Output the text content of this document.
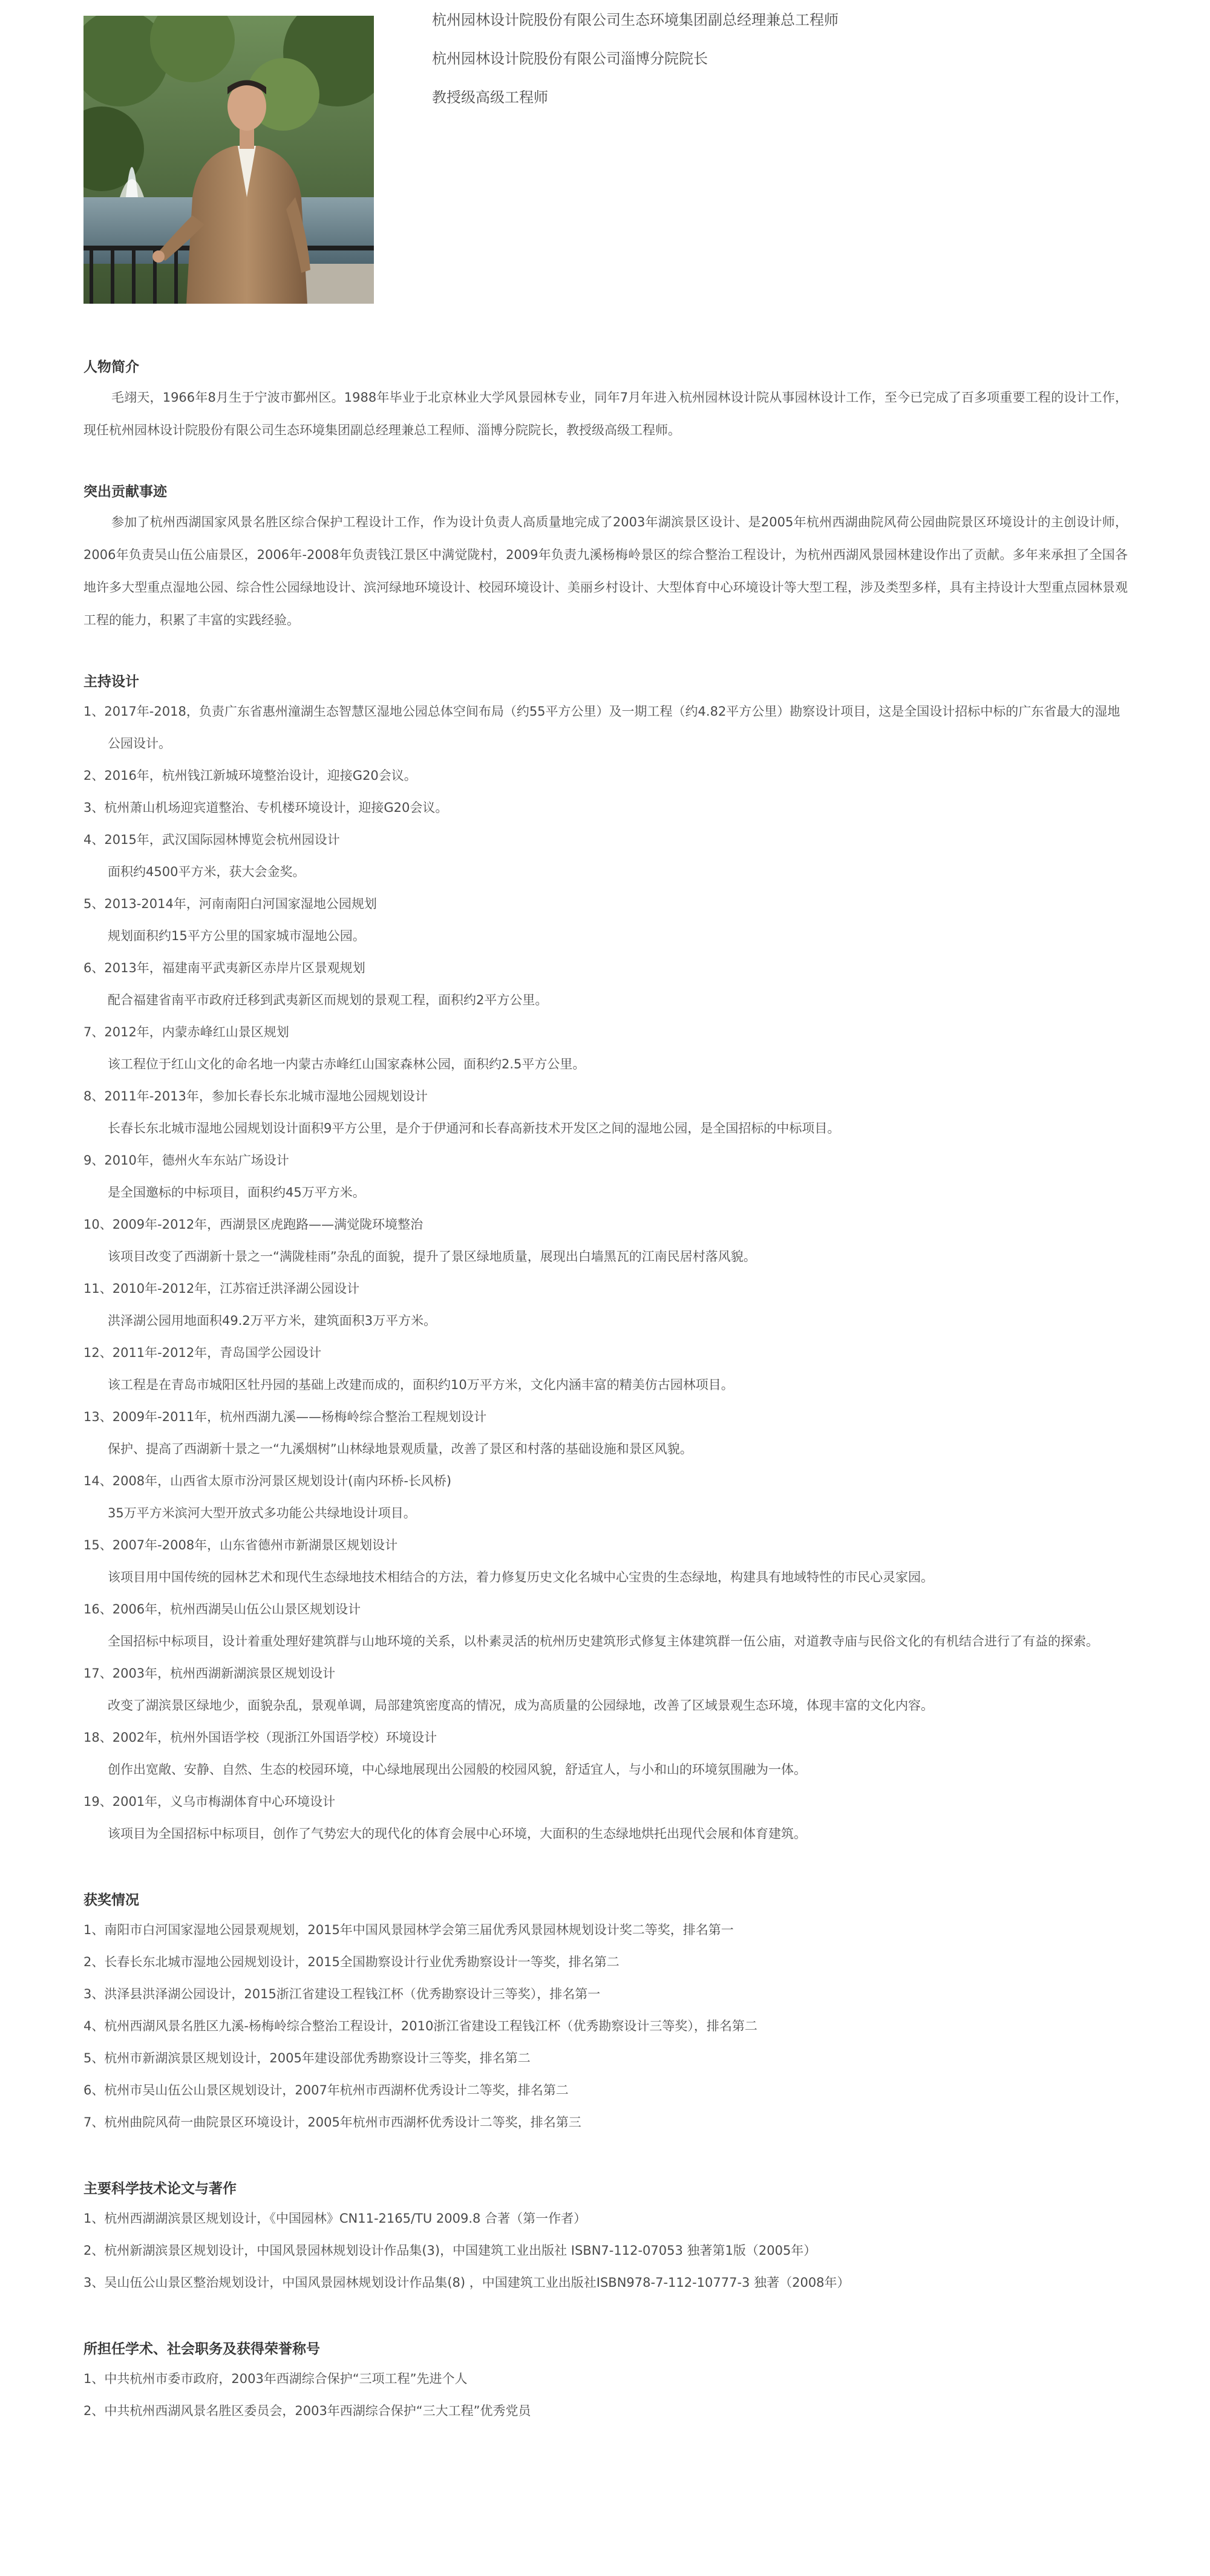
杭州园林设计院股份有限公司生态环境集团副总经理兼总工程师
杭州园林设计院股份有限公司淄博分院院长
教授级高级工程师
人物简介

毛翊天，1966年8月生于宁波市鄞州区。1988年毕业于北京林业大学风景园林专业，同年7月年进入杭州园林设计院从事园林设计工作，至今已完成了百多项重要工程的设计工作，现任杭州园林设计院股份有限公司生态环境集团副总经理兼总工程师、淄博分院院长，教授级高级工程师。

突出贡献事迹

参加了杭州西湖国家风景名胜区综合保护工程设计工作，作为设计负责人高质量地完成了2003年湖滨景区设计、是2005年杭州西湖曲院风荷公园曲院景区环境设计的主创设计师，2006年负责吴山伍公庙景区，2006年-2008年负责钱江景区中满觉陇村，2009年负责九溪杨梅岭景区的综合整治工程设计，为杭州西湖风景园林建设作出了贡献。多年来承担了全国各地许多大型重点湿地公园、综合性公园绿地设计、滨河绿地环境设计、校园环境设计、美丽乡村设计、大型体育中心环境设计等大型工程，涉及类型多样，具有主持设计大型重点园林景观工程的能力，积累了丰富的实践经验。

主持设计

1、2017年-2018，负责广东省惠州潼湖生态智慧区湿地公园总体空间布局（约55平方公里）及一期工程（约4.82平方公里）勘察设计项目，这是全国设计招标中标的广东省最大的湿地公园设计。

2、2016年，杭州钱江新城环境整治设计，迎接G20会议。

3、杭州萧山机场迎宾道整治、专机楼环境设计，迎接G20会议。

4、2015年，武汉国际园林博览会杭州园设计

面积约4500平方米，获大会金奖。

5、2013-2014年，河南南阳白河国家湿地公园规划

规划面积约15平方公里的国家城市湿地公园。

6、2013年，福建南平武夷新区赤岸片区景观规划

配合福建省南平市政府迁移到武夷新区而规划的景观工程，面积约2平方公里。

7、2012年，内蒙赤峰红山景区规划

该工程位于红山文化的命名地一内蒙古赤峰红山国家森林公园，面积约2.5平方公里。

8、2011年-2013年，参加长春长东北城市湿地公园规划设计

长春长东北城市湿地公园规划设计面积9平方公里，是介于伊通河和长春高新技术开发区之间的湿地公园，是全国招标的中标项目。

9、2010年，德州火车东站广场设计

是全国邀标的中标项目，面积约45万平方米。

10、2009年-2012年，西湖景区虎跑路——满觉陇环境整治

该项目改变了西湖新十景之一“满陇桂雨”杂乱的面貌，提升了景区绿地质量，展现出白墙黑瓦的江南民居村落风貌。

11、2010年-2012年，江苏宿迁洪泽湖公园设计

洪泽湖公园用地面积49.2万平方米，建筑面积3万平方米。

12、2011年-2012年，青岛国学公园设计

该工程是在青岛市城阳区牡丹园的基础上改建而成的，面积约10万平方米，文化内涵丰富的精美仿古园林项目。

13、2009年-2011年，杭州西湖九溪——杨梅岭综合整治工程规划设计

保护、提高了西湖新十景之一“九溪烟树”山林绿地景观质量，改善了景区和村落的基础设施和景区风貌。

14、2008年，山西省太原市汾河景区规划设计(南内环桥-长风桥)

35万平方米滨河大型开放式多功能公共绿地设计项目。

15、2007年-2008年，山东省德州市新湖景区规划设计

该项目用中国传统的园林艺术和现代生态绿地技术相结合的方法，着力修复历史文化名城中心宝贵的生态绿地，构建具有地域特性的市民心灵家园。

16、2006年，杭州西湖吴山伍公山景区规划设计

全国招标中标项目，设计着重处理好建筑群与山地环境的关系，以朴素灵活的杭州历史建筑形式修复主体建筑群一伍公庙，对道教寺庙与民俗文化的有机结合进行了有益的探索。

17、2003年，杭州西湖新湖滨景区规划设计

改变了湖滨景区绿地少，面貌杂乱，景观单调，局部建筑密度高的情况，成为高质量的公园绿地，改善了区域景观生态环境，体现丰富的文化内容。

18、2002年，杭州外国语学校（现浙江外国语学校）环境设计

创作出宽敞、安静、自然、生态的校园环境，中心绿地展现出公园般的校园风貌，舒适宜人，与小和山的环境氛围融为一体。

19、2001年，义乌市梅湖体育中心环境设计

该项目为全国招标中标项目，创作了气势宏大的现代化的体育会展中心环境，大面积的生态绿地烘托出现代会展和体育建筑。

获奖情况

1、南阳市白河国家湿地公园景观规划，2015年中国风景园林学会第三届优秀风景园林规划设计奖二等奖，排名第一

2、长春长东北城市湿地公园规划设计，2015全国勘察设计行业优秀勘察设计一等奖，排名第二

3、洪泽县洪泽湖公园设计，2015浙江省建设工程钱江杯（优秀勘察设计三等奖），排名第一

4、杭州西湖风景名胜区九溪-杨梅岭综合整治工程设计，2010浙江省建设工程钱江杯（优秀勘察设计三等奖），排名第二

5、杭州市新湖滨景区规划设计，2005年建设部优秀勘察设计三等奖，排名第二

6、杭州市吴山伍公山景区规划设计，2007年杭州市西湖杯优秀设计二等奖，排名第二

7、杭州曲院风荷一曲院景区环境设计，2005年杭州市西湖杯优秀设计二等奖，排名第三

主要科学技术论文与著作

1、杭州西湖湖滨景区规划设计，《中国园林》CN11-2165/TU 2009.8 合著（第一作者）

2、杭州新湖滨景区规划设计，中国风景园林规划设计作品集(3)，中国建筑工业出版社 ISBN7-112-07053 独著第1版（2005年）

3、吴山伍公山景区整治规划设计，中国风景园林规划设计作品集(8) ，中国建筑工业出版社ISBN978-7-112-10777-3 独著（2008年）

所担任学术、社会职务及获得荣誉称号

1、中共杭州市委市政府，2003年西湖综合保护“三项工程”先进个人

2、中共杭州西湖风景名胜区委员会，2003年西湖综合保护“三大工程”优秀党员
